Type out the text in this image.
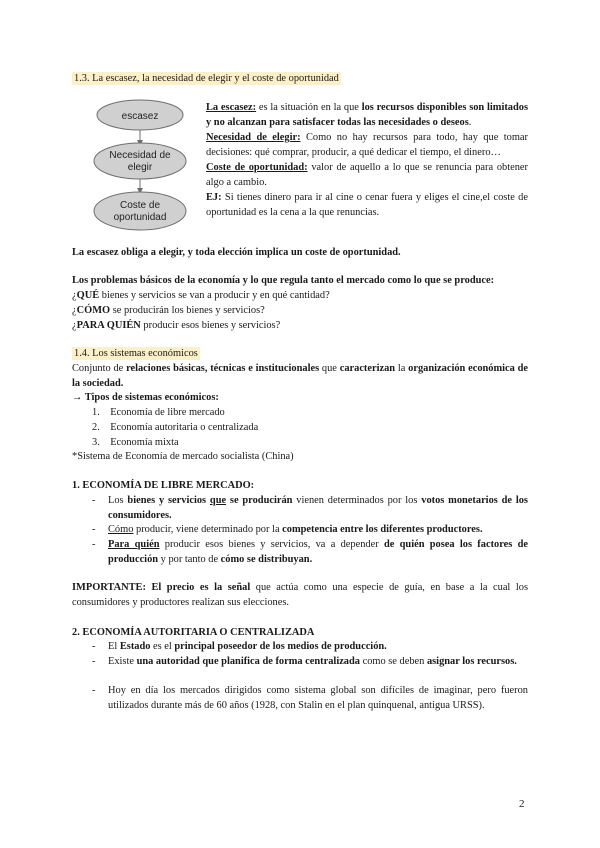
1.3. La escasez, la necesidad de elegir y el coste de oportunidad
escasez
Necesidad de
elegir
Coste de
oportunidad

La escasez: es la situación en la que los recursos disponibles son limitados y no alcanzan para satisfacer todas las necesidades o deseos.

Necesidad de elegir: Como no hay recursos para todo, hay que tomar decisiones: qué comprar, producir, a qué dedicar el tiempo, el dinero…

Coste de oportunidad: valor de aquello a lo que se renuncia para obtener algo a cambio.

EJ: Si tienes dinero para ir al cine o cenar fuera y eliges el cine,el coste de oportunidad es la cena a la que renuncias.

La escasez obliga a elegir, y toda elección implica un coste de oportunidad.
Los problemas básicos de la economía y lo que regula tanto el mercado como lo que se produce:
¿QUÉ bienes y servicios se van a producir y en qué cantidad?
¿CÓMO se producirán los bienes y servicios?
¿PARA QUIÉN producir esos bienes y servicios?
1.4. Los sistemas económicos
Conjunto de relaciones básicas, técnicas e institucionales que caracterizan la organización económica de la sociedad.
→ Tipos de sistemas económicos:
1.    Economía de libre mercado
2.    Economía autoritaria o centralizada
3.    Economía mixta
*Sistema de Economía de mercado socialista (China)
1. ECONOMÍA DE LIBRE MERCADO:
- Los bienes y servicios que se producirán vienen determinados por los votos monetarios de los consumidores.
- Cómo producir, viene determinado por la competencia entre los diferentes productores.
- Para quién producir esos bienes y servicios, va a depender de quién posea los factores de producción y por tanto de cómo se distribuyan.
IMPORTANTE: El precio es la señal que actúa como una especie de guía, en base a la cual los consumidores y productores realizan sus elecciones.
2. ECONOMÍA AUTORITARIA O CENTRALIZADA
- El Estado es el principal poseedor de los medios de producción.
- Existe una autoridad que planifica de forma centralizada como se deben asignar los recursos.
- Hoy en día los mercados dirigidos como sistema global son difíciles de imaginar, pero fueron utilizados durante más de 60 años (1928, con Stalin en el plan quinquenal, antigua URSS).
2
